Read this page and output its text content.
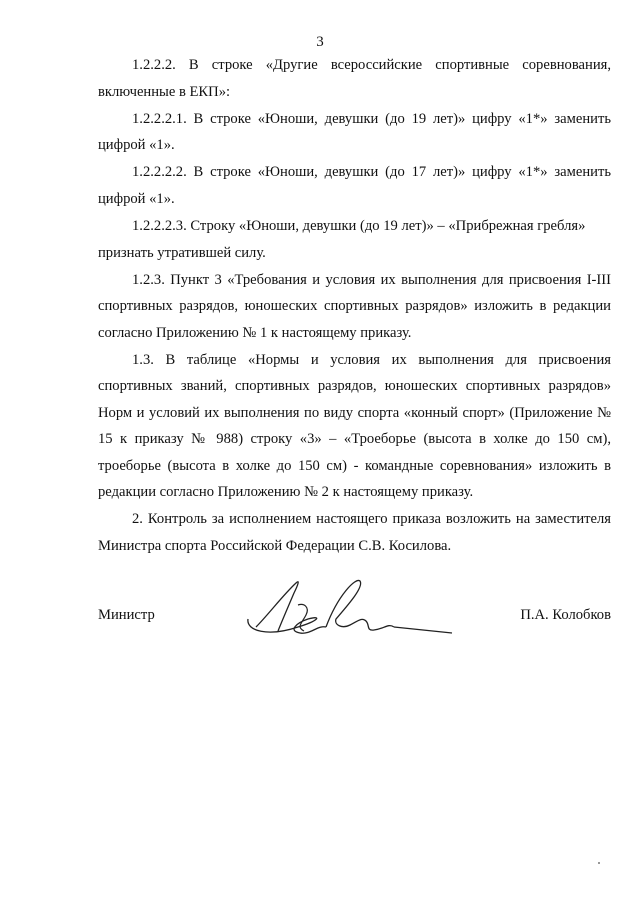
3

1.2.2.2. В строке «Другие всероссийские спортивные соревнования, включенные в ЕКП»:

1.2.2.2.1. В строке «Юноши, девушки (до 19 лет)» цифру «1*» заменить цифрой «1».

1.2.2.2.2. В строке «Юноши, девушки (до 17 лет)» цифру «1*» заменить цифрой «1».

1.2.2.2.3. Строку «Юноши, девушки (до 19 лет)» – «Прибрежная гребля»

признать утратившей силу.

1.2.3. Пункт 3 «Требования и условия их выполнения для присвоения I-III спортивных разрядов, юношеских спортивных разрядов» изложить в редакции согласно Приложению № 1 к настоящему приказу.

1.3. В таблице «Нормы и условия их выполнения для присвоения спортивных званий, спортивных разрядов, юношеских спортивных разрядов» Норм и условий их выполнения по виду спорта «конный спорт» (Приложение № 15 к приказу № 988) строку «3» – «Троеборье (высота в холке до 150 см), троеборье (высота в холке до 150 см) - командные соревнования» изложить в редакции согласно Приложению № 2 к настоящему приказу.

2. Контроль за исполнением настоящего приказа возложить на заместителя Министра спорта Российской Федерации С.В. Косилова.

Министр	П.А. Колобков
